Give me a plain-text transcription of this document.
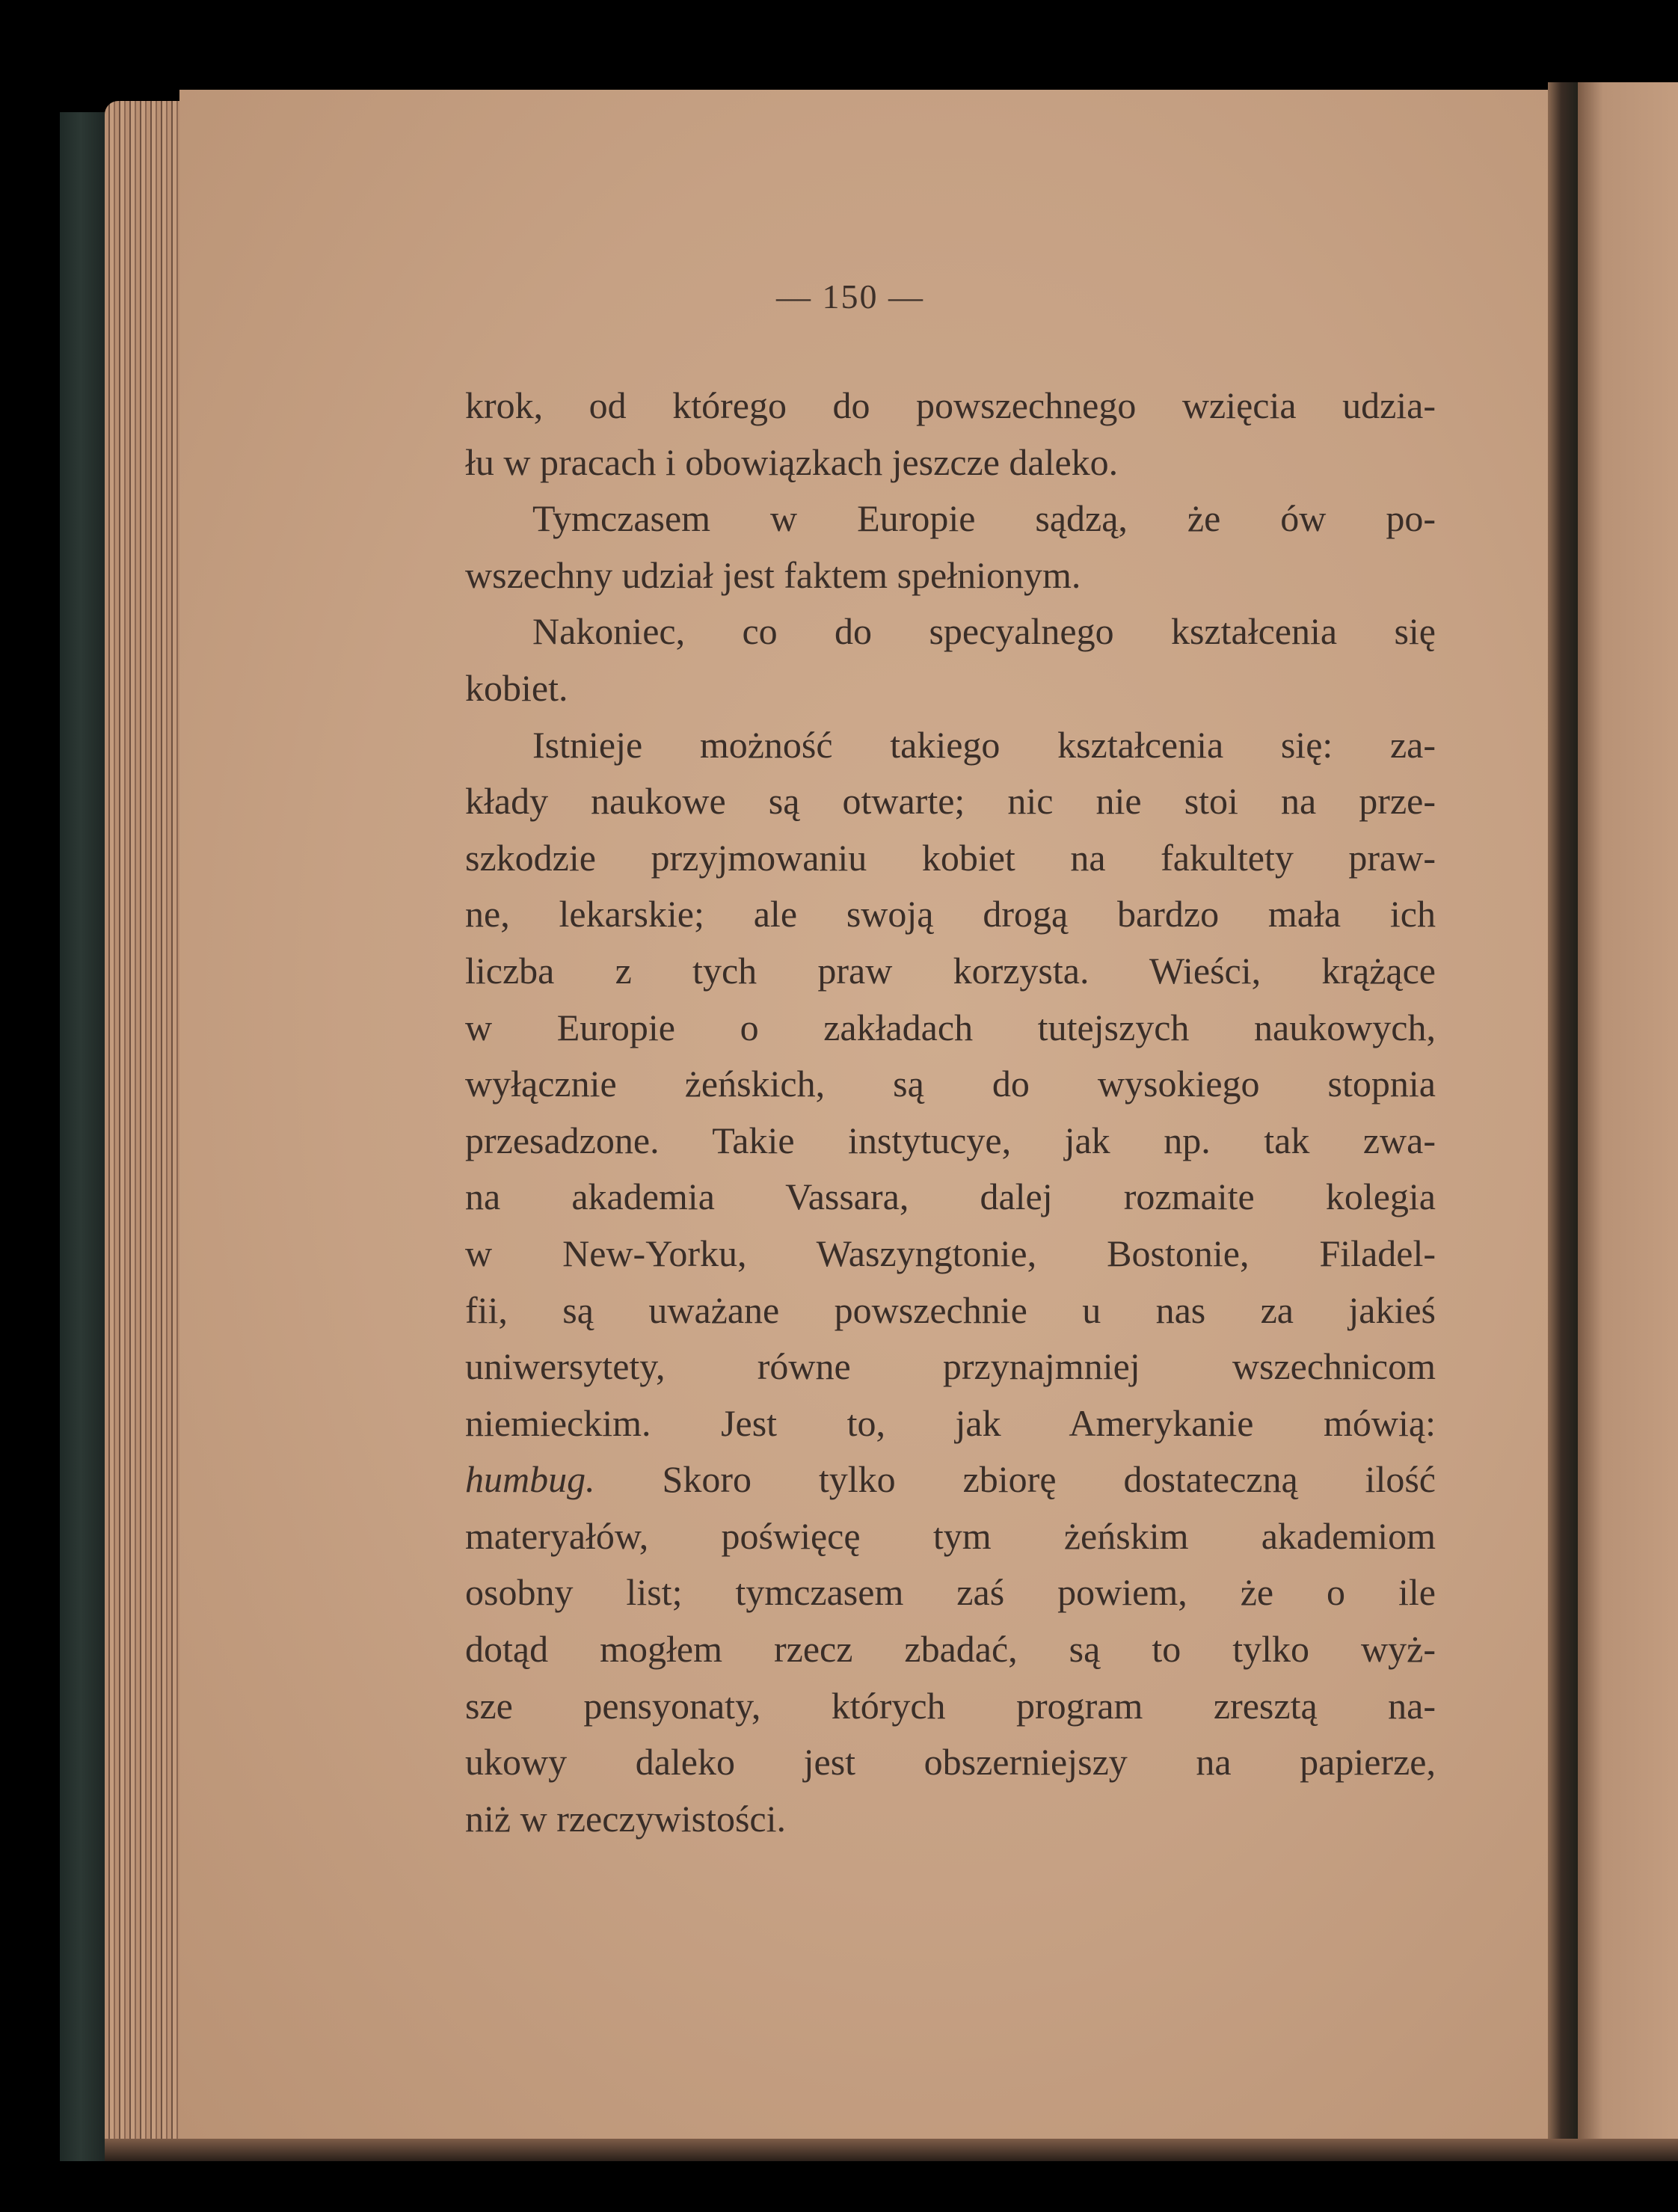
— 150 —
krok, od którego do powszechnego wzięcia udzia-
łu w pracach i obowiązkach jeszcze daleko.
Tymczasem w Europie sądzą, że ów po-
wszechny udział jest faktem spełnionym.
Nakoniec, co do specyalnego kształcenia się
kobiet.
Istnieje możność takiego kształcenia się: za-
kłady naukowe są otwarte; nic nie stoi na prze-
szkodzie przyjmowaniu kobiet na fakultety praw-
ne, lekarskie; ale swoją drogą bardzo mała ich
liczba z tych praw korzysta. Wieści, krążące
w Europie o zakładach tutejszych naukowych,
wyłącznie żeńskich, są do wysokiego stopnia
przesadzone. Takie instytucye, jak np. tak zwa-
na akademia Vassara, dalej rozmaite kolegia
w New-Yorku, Waszyngtonie, Bostonie, Filadel-
fii, są uważane powszechnie u nas za jakieś
uniwersytety, równe przynajmniej wszechnicom
niemieckim. Jest to, jak Amerykanie mówią:
humbug. Skoro tylko zbiorę dostateczną ilość
materyałów, poświęcę tym żeńskim akademiom
osobny list; tymczasem zaś powiem, że o ile
dotąd mogłem rzecz zbadać, są to tylko wyż-
sze pensyonaty, których program zresztą na-
ukowy daleko jest obszerniejszy na papierze,
niż w rzeczywistości.
